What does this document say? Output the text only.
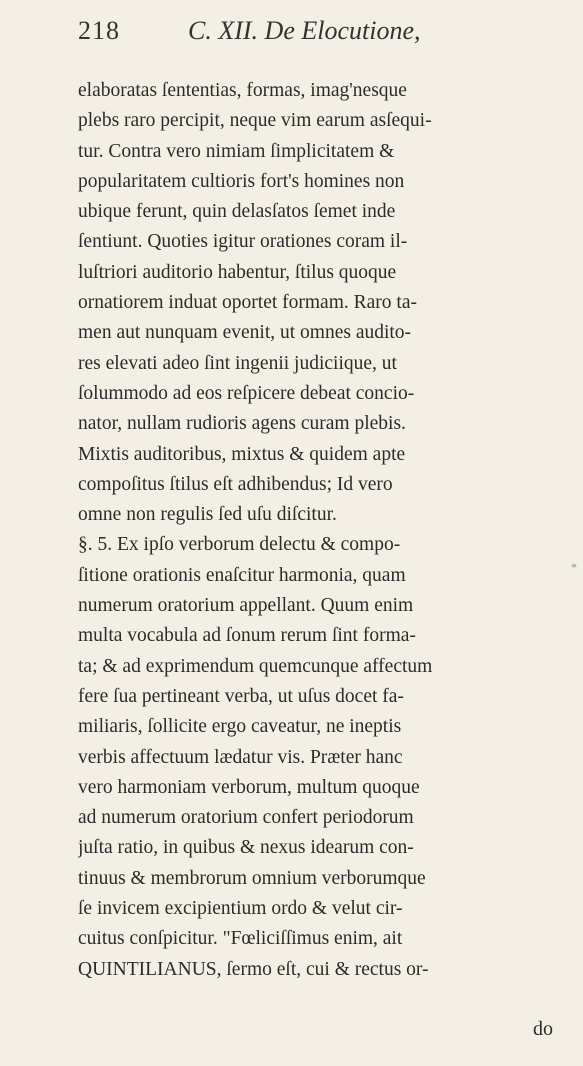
218	C. XII. De Elocutione,
elaboratas ſententias, formas, imag'nesque
plebs raro percipit, neque vim earum asſequi-
tur. Contra vero nimiam ſimplicitatem &
popularitatem cultioris fort's homines non
ubique ferunt, quin delasſatos ſemet inde
ſentiunt. Quoties igitur orationes coram il-
luſtriori auditorio habentur, ſtilus quoque
ornatiorem induat oportet formam. Raro ta-
men aut nunquam evenit, ut omnes audito-
res elevati adeo ſint ingenii judiciique, ut
ſolummodo ad eos reſpicere debeat concio-
nator, nullam rudioris agens curam plebis.
Mixtis auditoribus, mixtus & quidem apte
compoſitus ſtilus eſt adhibendus; Id vero
omne non regulis ſed uſu diſcitur.
§. 5. Ex ipſo verborum delectu & compo-
ſitione orationis enaſcitur harmonia, quam
numerum oratorium appellant. Quum enim
multa vocabula ad ſonum rerum ſint forma-
ta; & ad exprimendum quemcunque affectum
fere ſua pertineant verba, ut uſus docet fa-
miliaris, ſollicite ergo caveatur, ne ineptis
verbis affectuum lædatur vis. Præter hanc
vero harmoniam verborum, multum quoque
ad numerum oratorium confert periodorum
juſta ratio, in quibus & nexus idearum con-
tinuus & membrorum omnium verborumque
ſe invicem excipientium ordo & velut cir-
cuitus conſpicitur. "Fœliciſſimus enim, ait
QUINTILIANUS, ſermo eſt, cui & rectus or-
*
do
